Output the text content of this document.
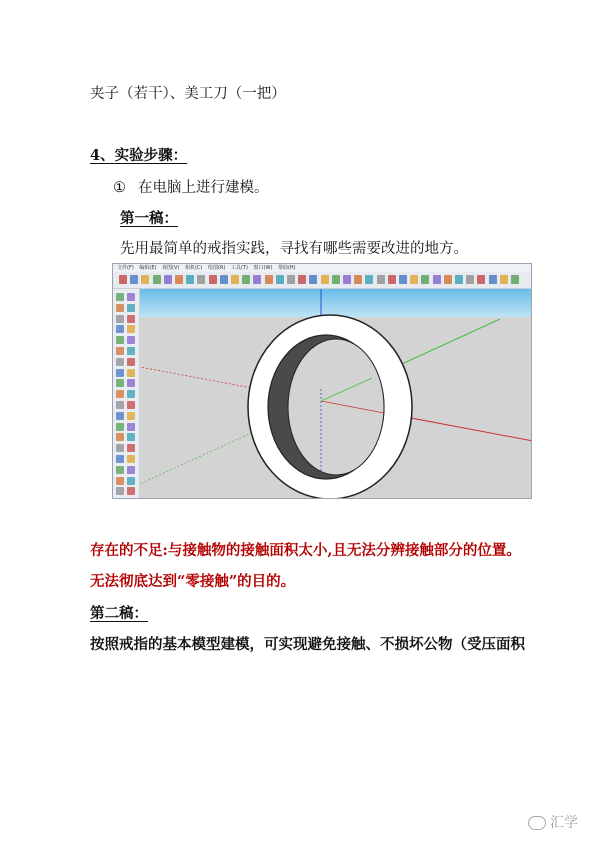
夹子（若干）、美工刀（一把）
4、实验步骤：
① 在电脑上进行建模。
第一稿：
先用最简单的戒指实践，寻找有哪些需要改进的地方。
文件(F) 编辑(E) 视图(V) 相机(C) 绘图(R) 工具(T) 窗口(W) 帮助(H)
存在的不足:与接触物的接触面积太小,且无法分辨接触部分的位置。
无法彻底达到“零接触”的目的。
第二稿：
按照戒指的基本模型建模，可实现避免接触、不损坏公物（受压面积
汇学
